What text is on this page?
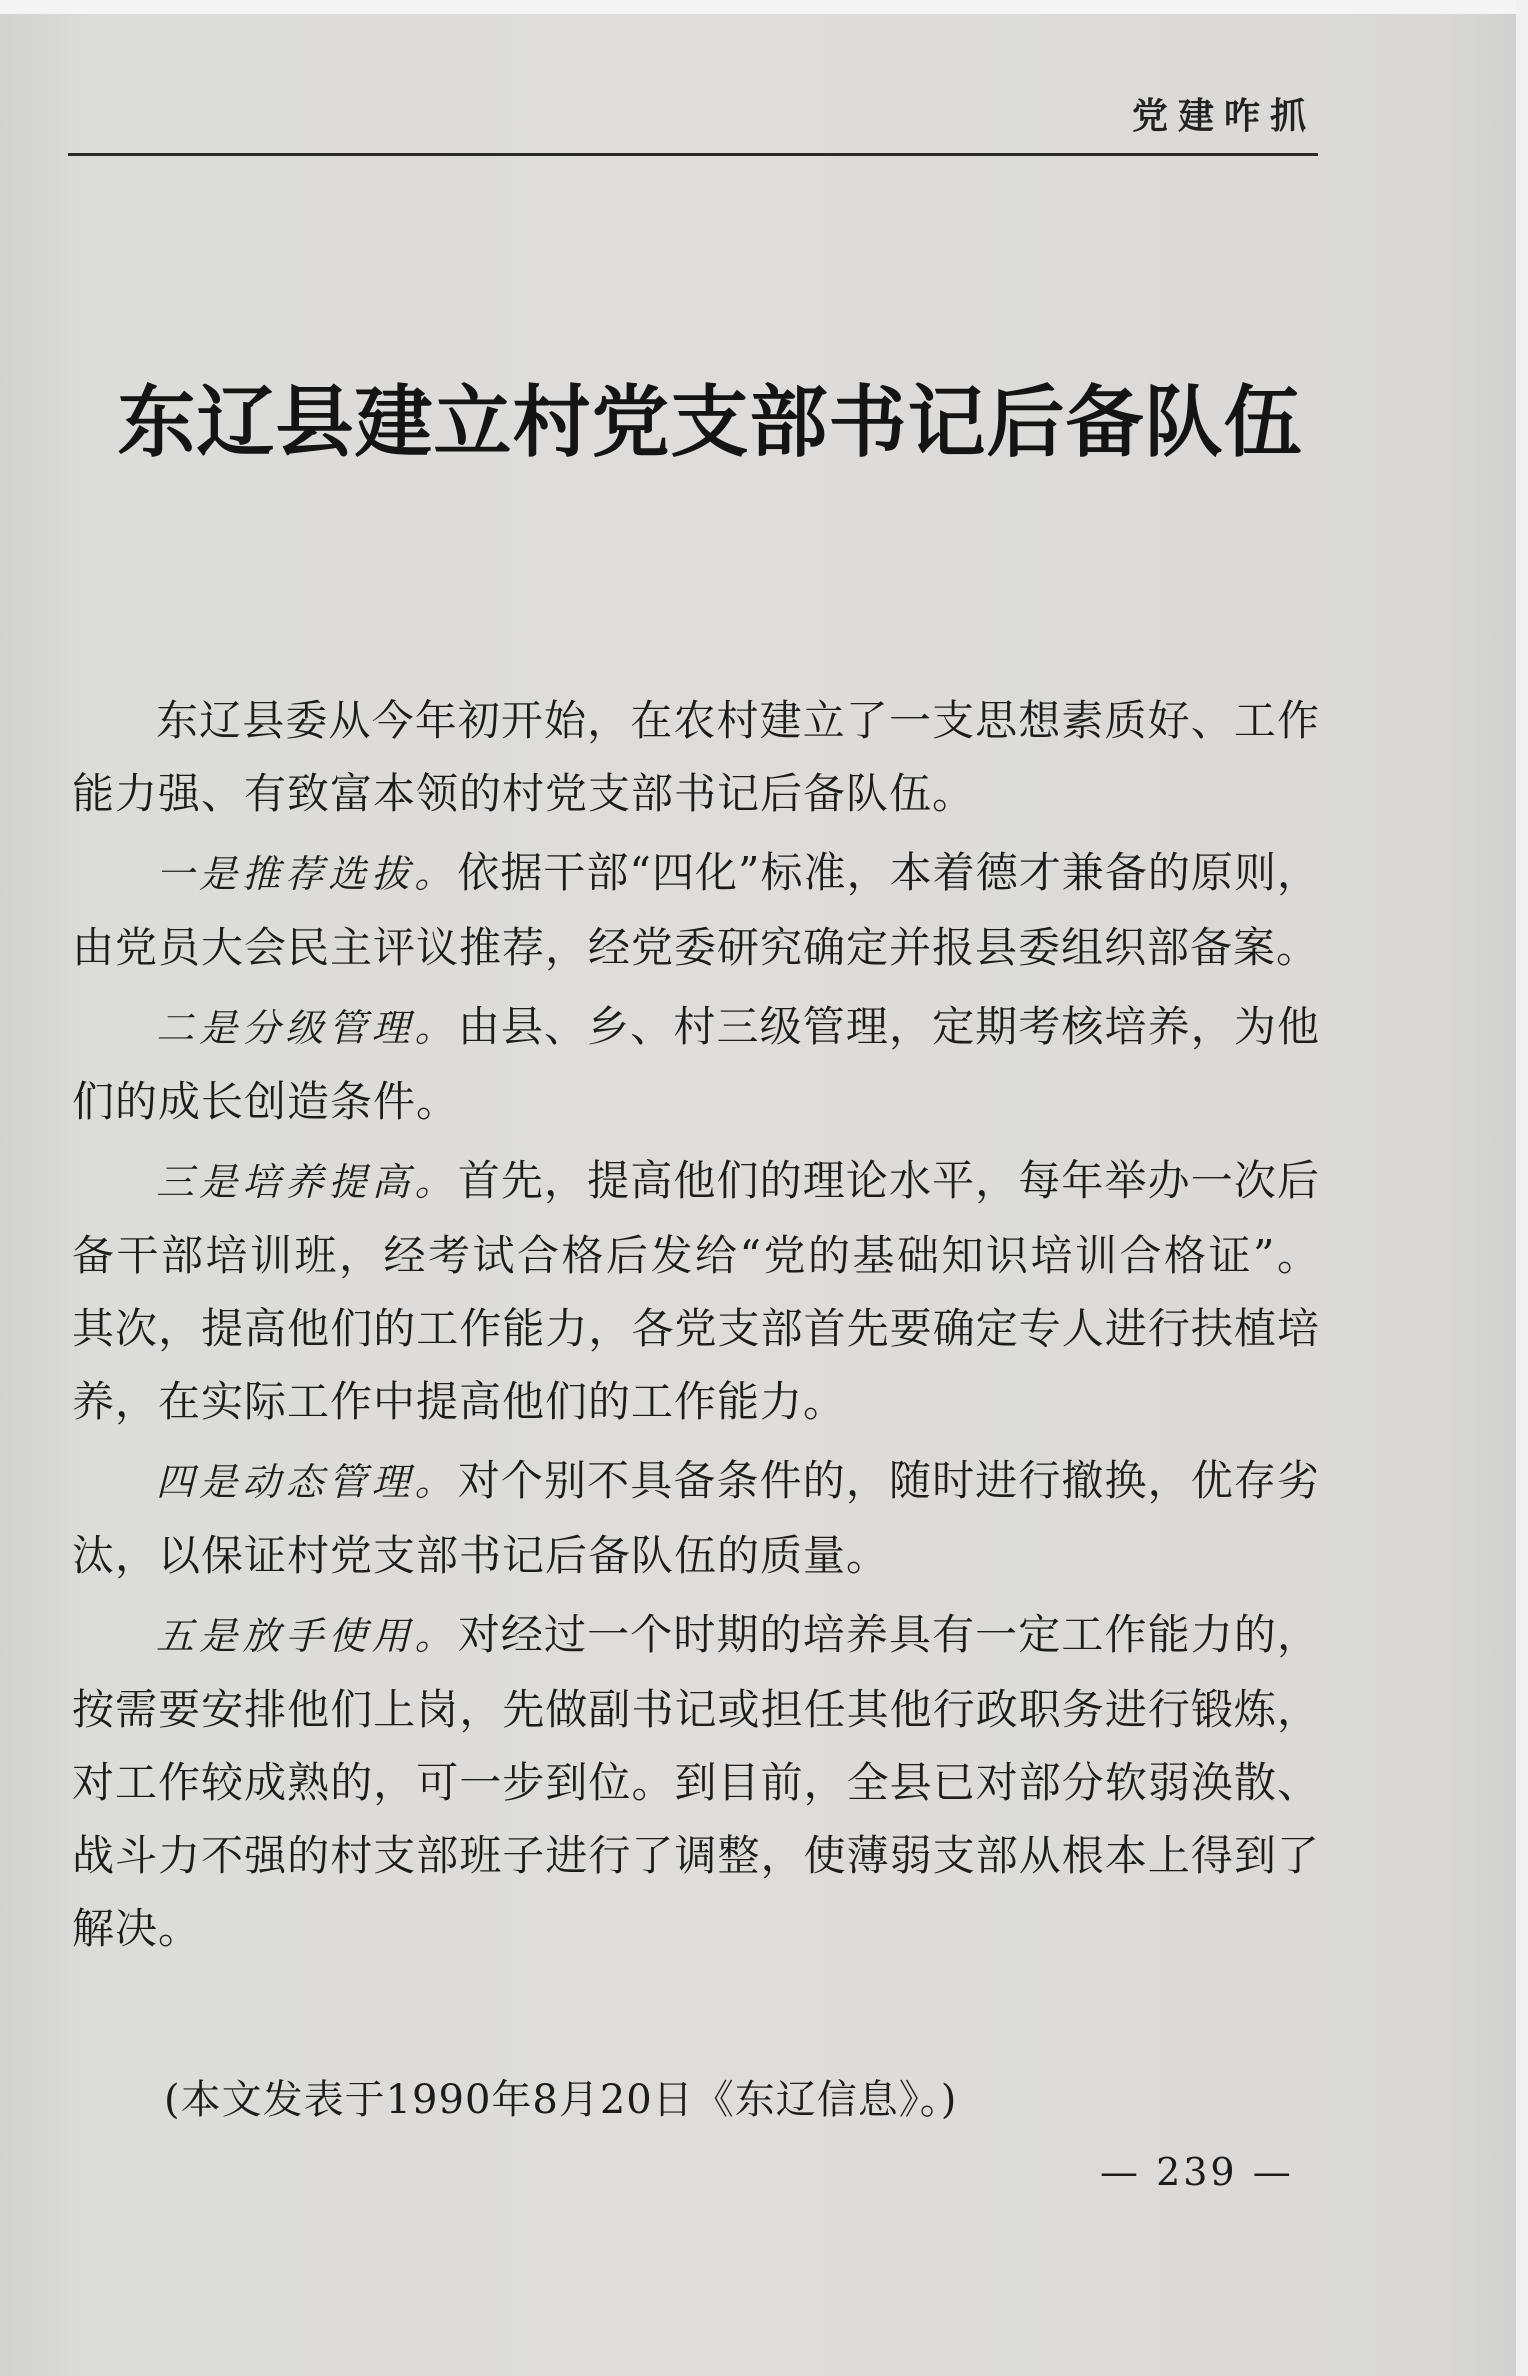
党建咋抓
东辽县建立村党支部书记后备队伍

东辽县委从今年初开始，在农村建立了一支思想素质好、工作能力强、有致富本领的村党支部书记后备队伍。

一是推荐选拔。依据干部“四化”标准，本着德才兼备的原则，由党员大会民主评议推荐，经党委研究确定并报县委组织部备案。

二是分级管理。由县、乡、村三级管理，定期考核培养，为他们的成长创造条件。

三是培养提高。首先，提高他们的理论水平，每年举办一次后备干部培训班，经考试合格后发给“党的基础知识培训合格证”。其次，提高他们的工作能力，各党支部首先要确定专人进行扶植培养，在实际工作中提高他们的工作能力。

四是动态管理。对个别不具备条件的，随时进行撤换，优存劣汰，以保证村党支部书记后备队伍的质量。

五是放手使用。对经过一个时期的培养具有一定工作能力的，按需要安排他们上岗，先做副书记或担任其他行政职务进行锻炼，对工作较成熟的，可一步到位。到目前，全县已对部分软弱涣散、战斗力不强的村支部班子进行了调整，使薄弱支部从根本上得到了解决。

(本文发表于1990年8月20日《东辽信息》。)
— 239 —
